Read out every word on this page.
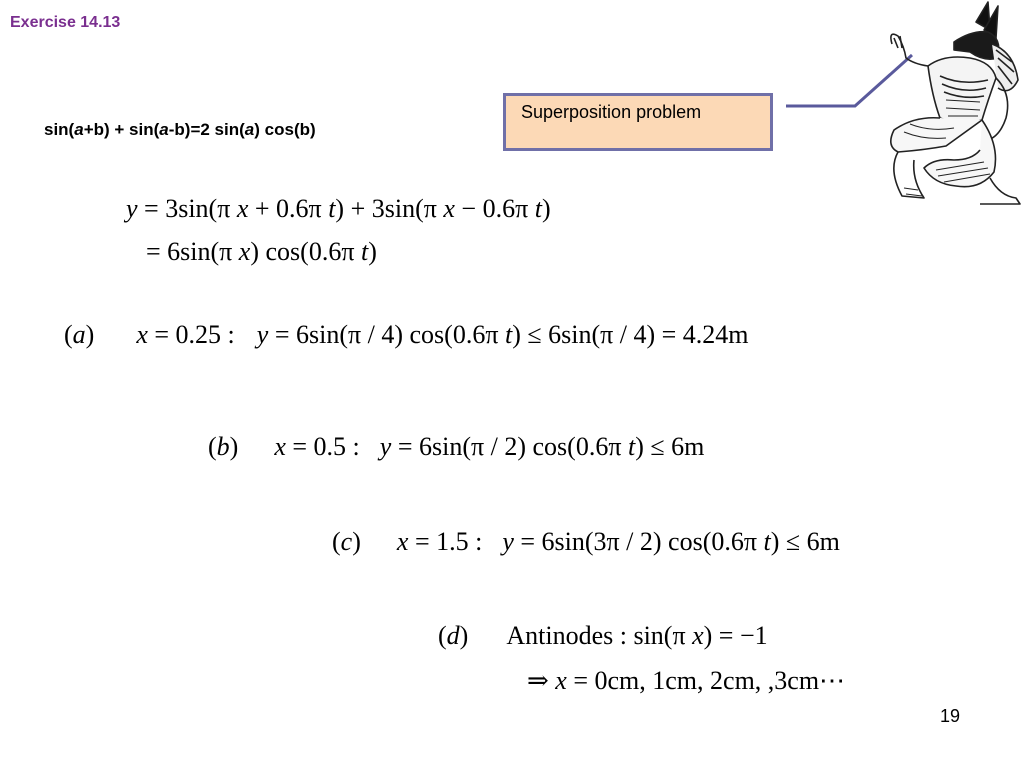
Exercise 14.13
sin(a+b) + sin(a-b)=2 sin(a) cos(b)
Superposition problem
y = 3sin(π x + 0.6π t) + 3sin(π x − 0.6π t)
= 6sin(π x) cos(0.6π t)
(a) x = 0.25 : y = 6sin(π / 4) cos(0.6π t) ≤ 6sin(π / 4) = 4.24m
(b) x = 0.5 : y = 6sin(π / 2) cos(0.6π t) ≤ 6m
(c) x = 1.5 : y = 6sin(3π / 2) cos(0.6π t) ≤ 6m
(d) Antinodes : sin(π x) = −1
⇒ x = 0cm, 1cm, 2cm, ,3cm⋯
19
